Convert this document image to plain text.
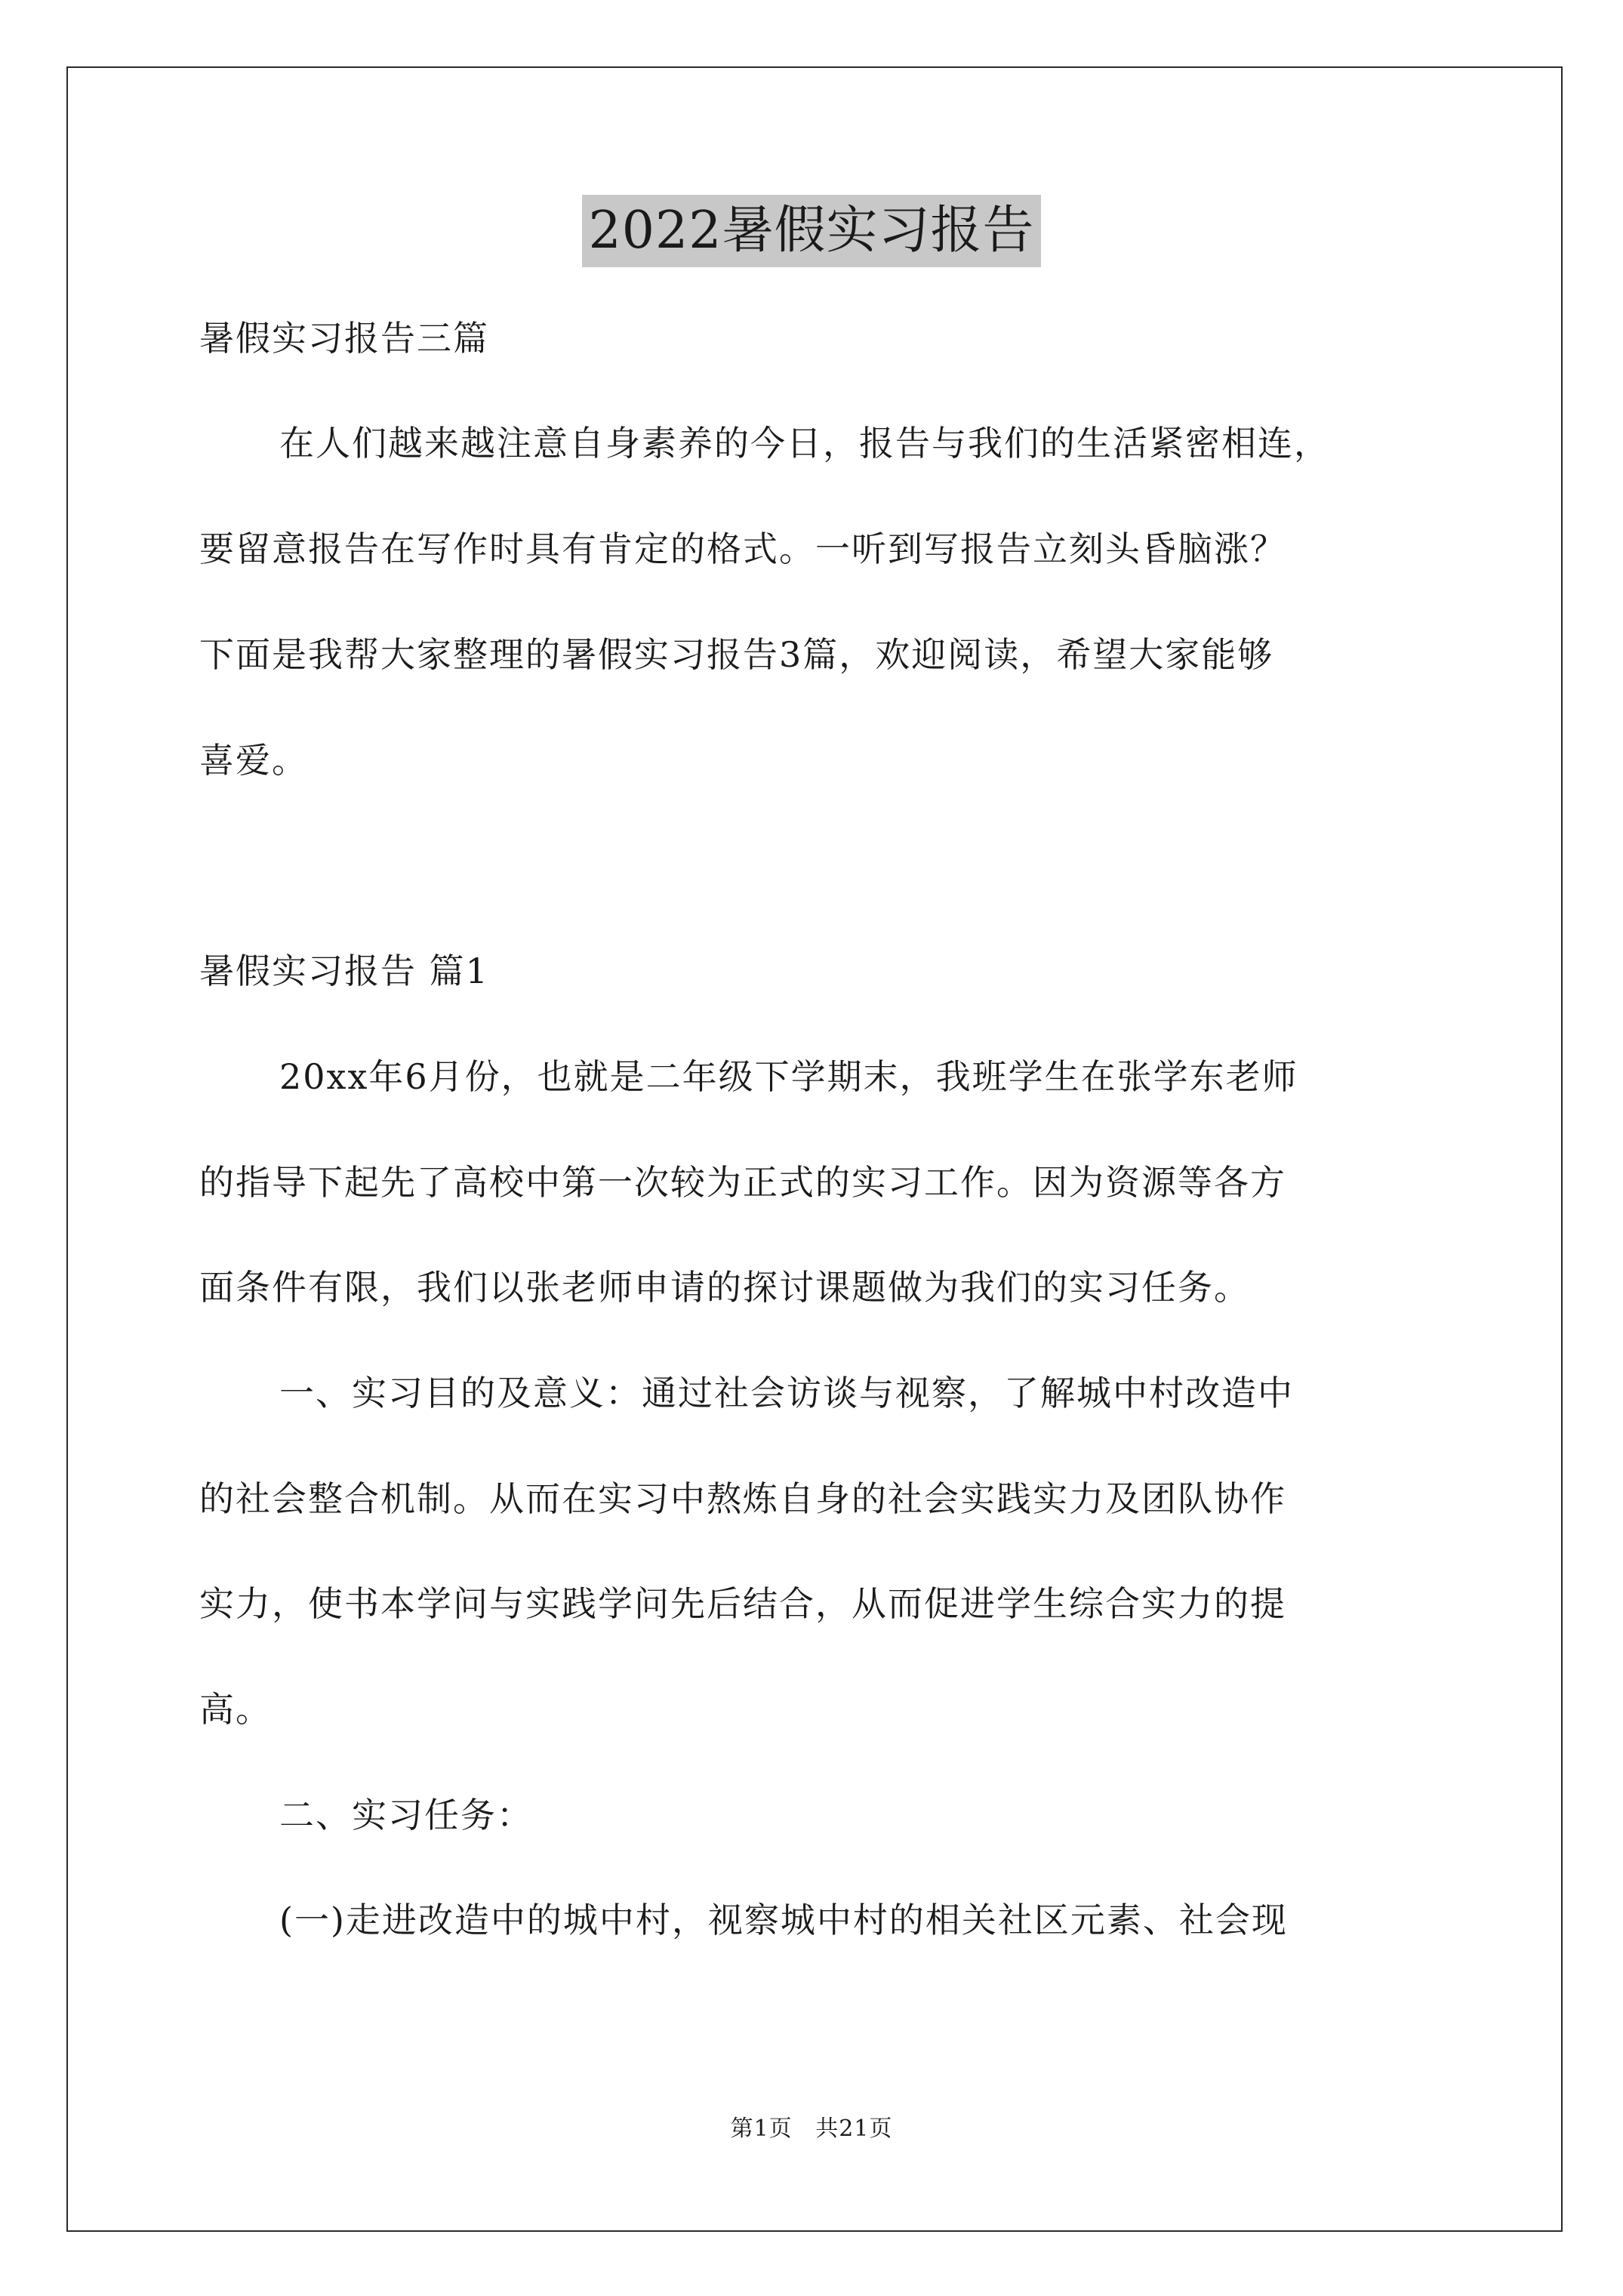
2022暑假实习报告
暑假实习报告三篇
在人们越来越注意自身素养的今日，报告与我们的生活紧密相连，
要留意报告在写作时具有肯定的格式。一听到写报告立刻头昏脑涨？
下面是我帮大家整理的暑假实习报告3篇，欢迎阅读，希望大家能够
喜爱。
暑假实习报告 篇1
20xx年6月份，也就是二年级下学期末，我班学生在张学东老师
的指导下起先了高校中第一次较为正式的实习工作。因为资源等各方
面条件有限，我们以张老师申请的探讨课题做为我们的实习任务。
一、实习目的及意义：通过社会访谈与视察，了解城中村改造中
的社会整合机制。从而在实习中熬炼自身的社会实践实力及团队协作
实力，使书本学问与实践学问先后结合，从而促进学生综合实力的提
高。
二、实习任务：
(一)走进改造中的城中村，视察城中村的相关社区元素、社会现
第1页 共21页
